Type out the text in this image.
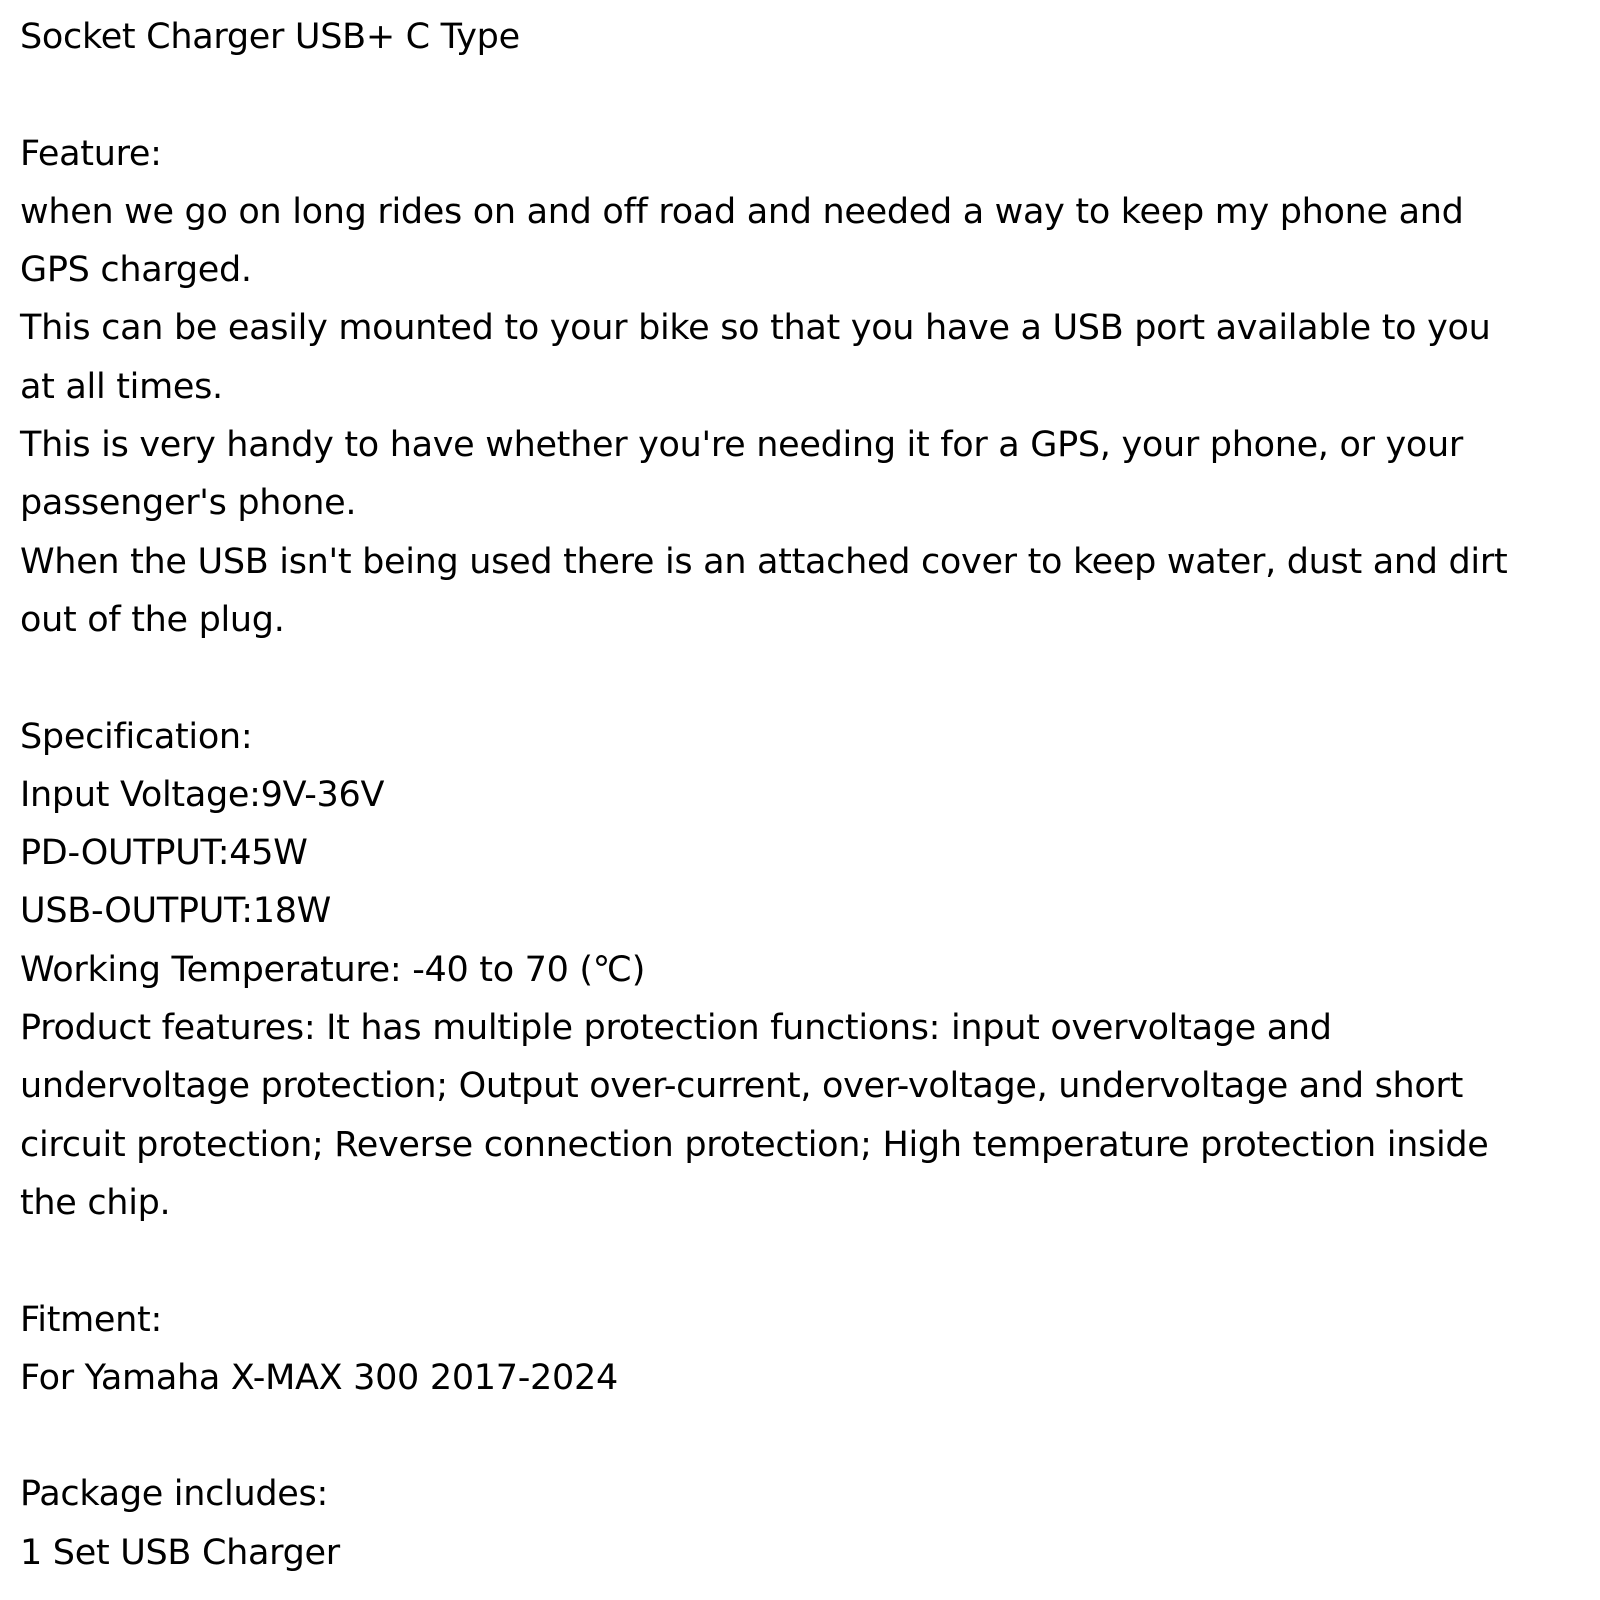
Socket Charger USB+ C Type
Feature:
when we go on long rides on and off road and needed a way to keep my phone and
GPS charged.
This can be easily mounted to your bike so that you have a USB port available to you
at all times.
This is very handy to have whether you're needing it for a GPS, your phone, or your
passenger's phone.
When the USB isn't being used there is an attached cover to keep water, dust and dirt
out of the plug.
Specification:
Input Voltage:9V-36V
PD-OUTPUT:45W
USB-OUTPUT:18W
Working Temperature: -40 to 70 (℃)
Product features: It has multiple protection functions: input overvoltage and
undervoltage protection; Output over-current, over-voltage, undervoltage and short
circuit protection; Reverse connection protection; High temperature protection inside
the chip.
Fitment:
For Yamaha X-MAX 300 2017-2024
Package includes:
1 Set USB Charger
